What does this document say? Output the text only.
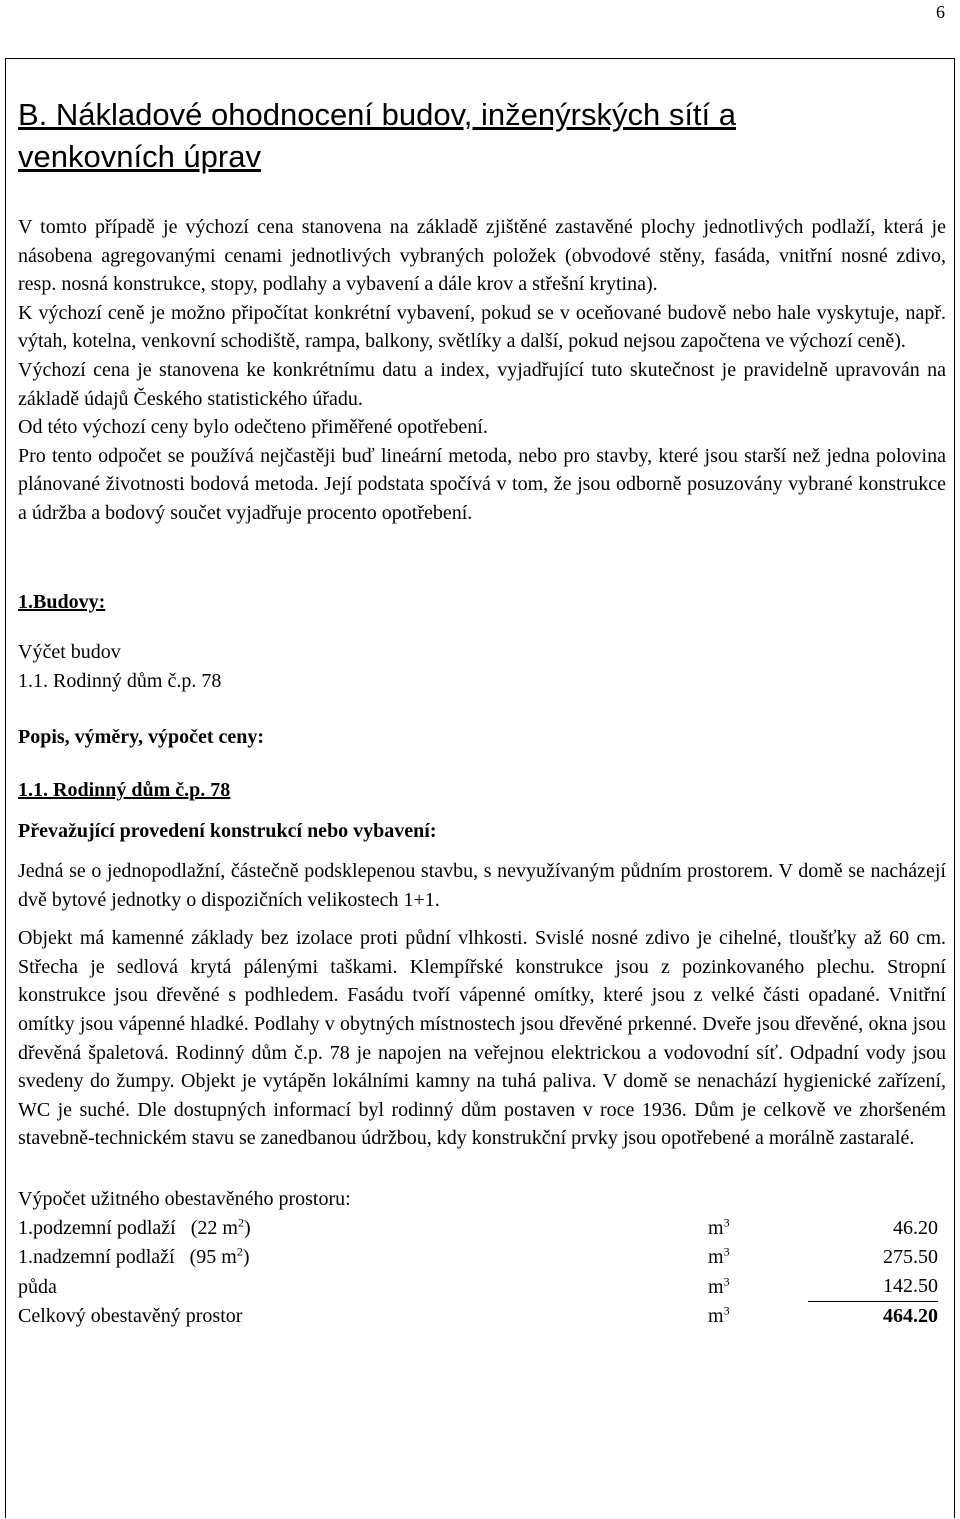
6
B. Nákladové ohodnocení budov, inženýrských sítí a venkovních úprav

V tomto případě je výchozí cena stanovena na základě zjištěné zastavěné plochy jednotlivých podlaží, která je násobena agregovanými cenami jednotlivých vybraných položek (obvodové stěny, fasáda, vnitřní nosné zdivo, resp. nosná konstrukce, stopy, podlahy a vybavení a dále krov a střešní krytina).

K výchozí ceně je možno připočítat konkrétní vybavení, pokud se v oceňované budově nebo hale vyskytuje, např. výtah, kotelna, venkovní schodiště, rampa, balkony, světlíky a další, pokud nejsou započtena ve výchozí ceně).

Výchozí cena je stanovena ke konkrétnímu datu a index, vyjadřující tuto skutečnost je pravidelně upravován na základě údajů Českého statistického úřadu.

Od této výchozí ceny bylo odečteno přiměřené opotřebení.

Pro tento odpočet se používá nejčastěji buď lineární metoda, nebo pro stavby, které jsou starší než jedna polovina plánované životnosti bodová metoda. Její podstata spočívá v tom, že jsou odborně posuzovány vybrané konstrukce a údržba a bodový součet vyjadřuje procento opotřebení.

1.Budovy:

Výčet budov

1.1. Rodinný dům č.p. 78

Popis, výměry, výpočet ceny:

1.1. Rodinný dům č.p. 78

Převažující provedení konstrukcí nebo vybavení:

Jedná se o jednopodlažní, částečně podsklepenou stavbu, s nevyužívaným půdním prostorem. V domě se nacházejí dvě bytové jednotky o dispozičních velikostech 1+1.

Objekt má kamenné základy bez izolace proti půdní vlhkosti. Svislé nosné zdivo je cihelné, tloušťky až 60 cm. Střecha je sedlová krytá pálenými taškami. Klempířské konstrukce jsou z pozinkovaného plechu. Stropní konstrukce jsou dřevěné s podhledem. Fasádu tvoří vápenné omítky, které jsou z velké části opadané. Vnitřní omítky jsou vápenné hladké. Podlahy v obytných místnostech jsou dřevěné prkenné. Dveře jsou dřevěné, okna jsou dřevěná špaletová. Rodinný dům č.p. 78 je napojen na veřejnou elektrickou a vodovodní síť. Odpadní vody jsou svedeny do žumpy. Objekt je vytápěn lokálními kamny na tuhá paliva. V domě se nenachází hygienické zařízení, WC je suché. Dle dostupných informací byl rodinný dům postaven v roce 1936. Dům je celkově ve zhoršeném stavebně-technickém stavu se zanedbanou údržbou, kdy konstrukční prvky jsou opotřebené a morálně zastaralé.

Výpočet užitného obestavěného prostoru:

1.podzemní podlaží (22 $m^2$)	$m^3$	46.20
1.nadzemní podlaží (95 $m^2$)	$m^3$	275.50
půda	$m^3$	142.50
Celkový obestavěný prostor	$m^3$	464.20
